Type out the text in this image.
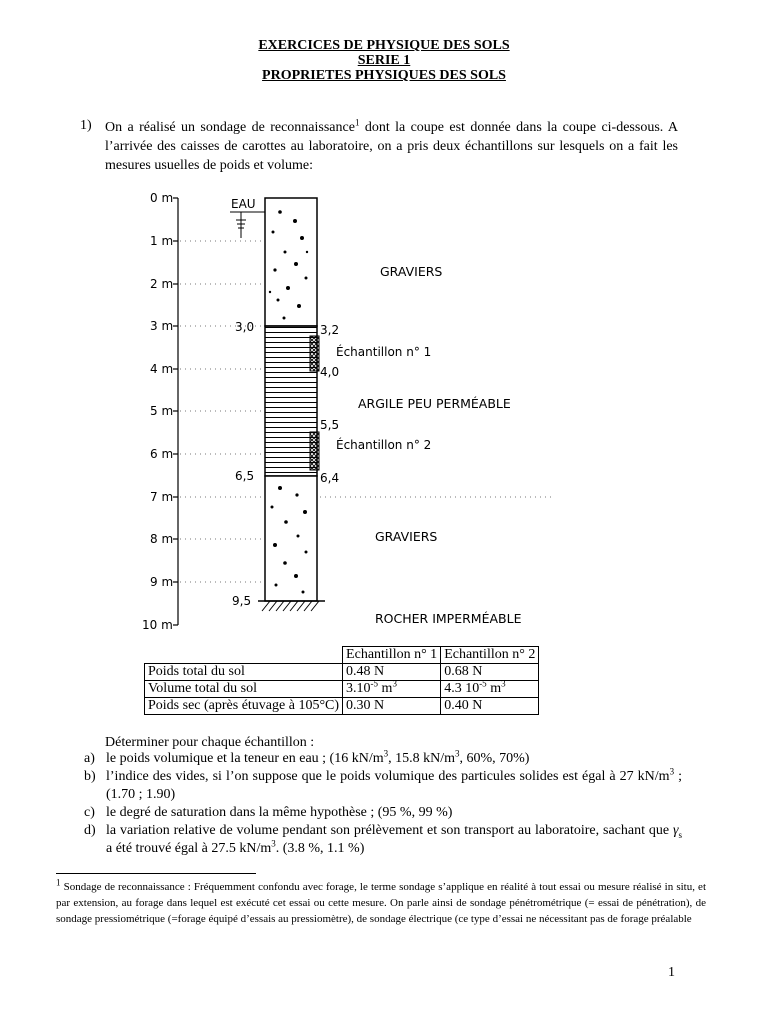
EXERCICES DE PHYSIQUE DES SOLS
SERIE 1
PROPRIETES PHYSIQUES DES SOLS
1) On a réalisé un sondage de reconnaissance$^1$ dont la coupe est donnée dans la coupe ci-dessous. A l’arrivée des caisses de carottes au laboratoire, on a pris deux échantillons sur lesquels on a fait les mesures usuelles de poids et volume:
0 m
1 m
2 m
3 m
4 m
5 m
6 m
7 m
8 m
9 m
10 m
EAU
3,0
6,5
9,5
3,2
4,0
5,5
6,4
Échantillon n° 1
Échantillon n° 2
GRAVIERS
ARGILE PEU PERMÉABLE
GRAVIERS
ROCHER IMPERMÉABLE
	Echantillon n° 1	Echantillon n° 2
Poids total du sol	0.48 N	0.68 N
Volume total du sol	$3.10^{-5}$ $m^3$	4.3 $10^{-5}$ $m^3$
Poids sec (après étuvage à 105°C)	0.30 N	0.40 N
Déterminer pour chaque échantillon :
a) le poids volumique et la teneur en eau ; (16 $kN/m^3$, 15.8 $kN/m^3$, 60%, 70%)
b) l’indice des vides, si l’on suppose que le poids volumique des particules solides est égal à 27 $kN/m^3$ ; (1.70 ; 1.90)
c) le degré de saturation dans la même hypothèse ; (95 %, 99 %)
d) la variation relative de volume pendant son prélèvement et son transport au laboratoire, sachant que $\gamma_s$ a été trouvé égal à 27.5 $kN/m^3$. (3.8 %, 1.1 %)
$^1$ Sondage de reconnaissance : Fréquemment confondu avec forage, le terme sondage s’applique en réalité à tout essai ou mesure réalisé in situ, et par extension, au forage dans lequel est exécuté cet essai ou cette mesure. On parle ainsi de sondage pénétrométrique (= essai de pénétration), de sondage pressiométrique (=forage équipé d’essais au pressiomètre), de sondage électrique (ce type d’essai ne nécessitant pas de forage préalable
1
